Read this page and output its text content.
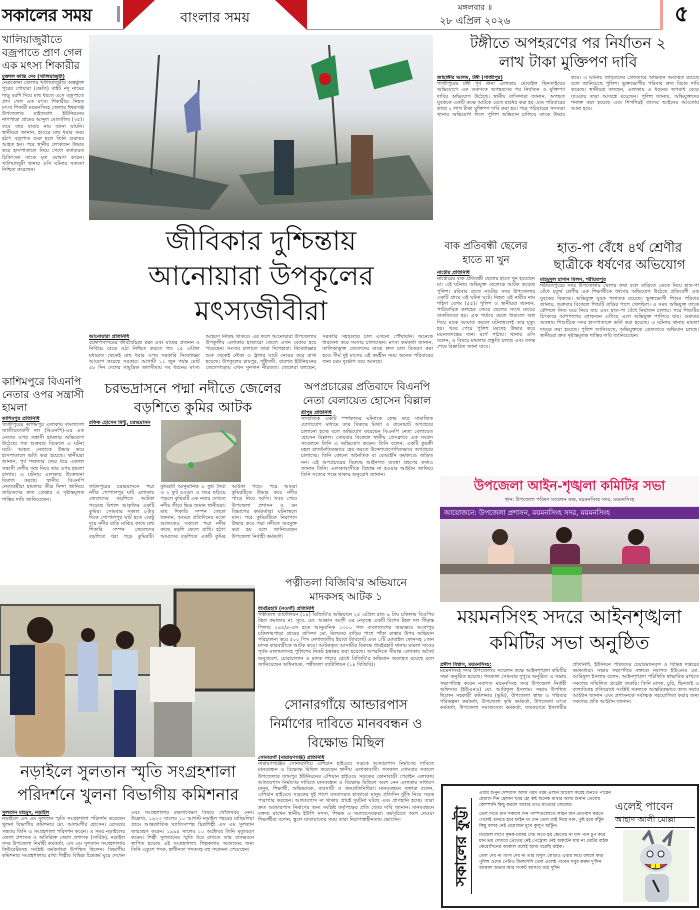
সকালের সময়	বাংলার সময়
মঙ্গলবার ॥
২৮ এপ্রিল ২০২৬	৫
খালিয়াজুরীতে বজ্রপাতে প্রাণ গেল এক মৎস্য শিকারীর
মুক্তাল কান্তি দেব (খালিয়াজুরী)
নেত্রকোনা জেলার খালিয়াজুরীর অন্তর্ভুক্ত পুরের পোয়ারা (ক্ষেতি) বাইট নদু নামের শাড়ু বরশি দিয়ে মাছ ধরতে এসে বজ্রপাতে প্রাণ গেল এক মৎস্য শিকারীর। নিহত মৎস্য শিকারী ময়মনসিংহ জেলার ঈশ্বরগঞ্জ উপজেলার মাইজবাগ ইউনিয়নের নাগপাড়া গ্রামের আব্দুল মোতালিব (৩৫)। তবে তার বাবার নাম জানা যায়নি। স্থানীয়রা জানান, হাওরে মাছ ধরার সময় হঠাৎ বজ্রপাত শুরু হলে তিনি গুরুতর আহত হন। পরে স্থানীয় লোকজন উদ্ধার করে হাসপাতালে নিয়ে গেলে কর্তব্যরত চিকিৎসক তাকে মৃত ঘোষণা করেন। খালিয়াজুরী থানার ওসি ঘটনার সত্যতা নিশ্চিত করেছেন।
টঙ্গীতে অপহরণের পর নির্যাতন ২ লাখ টাকা মুক্তিপণ দাবি
জাহাঙ্গীর আলম, টঙ্গী (গাজীপুর)
গাজীপুরের টঙ্গী পূর্ব থানা এলাকায় মোবাইল ছিনতাইয়ের অভিযোগে এক তরুণকে অপহরণের পর নির্যাতন ও মুক্তিপণ দাবির অভিযোগ উঠেছে। স্থানীয় বাসিন্দারা জানান, অপহৃত যুবককে একটি কক্ষে আটকে রেখে মারধর করা হয় এবং পরিবারের কাছে ২ লাখ টাকা মুক্তিপণ দাবি করা হয়। পরে পরিবারের সদস্যরা থানায় অভিযোগ দিলে পুলিশ অভিযান চালিয়ে তাকে উদ্ধার করে। এ ঘটনায় জড়িতদের গ্রেফতারে অভিযান অব্যাহত রয়েছে বলে জানিয়েছে পুলিশ। ভুক্তভোগীর পরিবার দ্রুত বিচার দাবি করেছে। স্থানীয়রা বলছেন, এলাকায় এ ধরনের অপরাধ বেড়ে যাওয়ায় তারা আতঙ্কে রয়েছেন। পুলিশ জানায়, অভিযুক্তদের শনাক্ত করা হয়েছে এবং শিগগিরই তাদের আইনের আওতায় আনা হবে।
জীবিকার দুশ্চিন্তায় আনোয়ারা উপকূলের মৎস্যজীবীরা
আনোয়ারা প্রতিনিধি
বঙ্গোপসাগরের জীববৈচিত্র্য রক্ষা এবং মাছের প্রজনন ও নির্বিঘ্নে বেড়ে ওঠা নিশ্চিত করতে গত ১৫ এপ্রিল মধ্যরাত থেকেই মাছ ধরার ওপর সরকারি নিষেধাজ্ঞা আরোপ করেছে সরকার। আগামী ১১ জুন পর্যন্ত মোট ৫৮ দিন দেশের সামুদ্রিক জলসীমায় সব ধরনের মৎস্য আহরণ নিষিদ্ধ থাকবে। এর ফলে আনোয়ারা উপজেলার উপকূলীয় এলাকার হাজারো জেলে এখন বেকার হয়ে পড়েছেন। সংসার চালাতে তারা দিশেহারা। নিষেধাজ্ঞার শুরু থেকেই নৌকা ও ট্রলার ঘাটে নোঙর করে রাখা হয়েছে। উপকূলের রায়পুর, জুঁইদন্ডী, বারশত ইউনিয়নের জেলেপাড়ায় এখন সুনসান নীরবতা। জেলেরা বলছেন, সরকারি সহায়তার চাল এখনো পৌঁছায়নি। অনেকে ধারদেনা করে সংসার চালাচ্ছেন। মৎস্য কর্মকর্তা জানান, তালিকাভুক্ত জেলেদের মাঝে দ্রুত চাল বিতরণ করা হবে। দীর্ঘ দুই মাসের এই কর্মহীন সময় অনেক পরিবারের জন্য চরম দুর্ভোগ বয়ে আনছে।
বাক প্রতিবন্ধী ছেলের হাতে মা খুন
নাটোর প্রতিনিধি
নাটোরের বাক প্রতিবন্ধী ছেলের হাতে খুন হয়েছেন মা। এই ঘটনায় অভিযুক্ত ছেলেকে আটক করেছে পুলিশ। রবিবার রাতে নাটোর সদর উপজেলার একটি গ্রামে এই ঘটনা ঘটে। নিহত ওই নারীর নাম শহিদা বেগম (৫৫)। পুলিশ ও স্থানীয়রা জানান, পারিবারিক কলহের জেরে ছেলের সাথে মায়ের বাকবিতণ্ডা হয়। এক পর্যায়ে ছেলে ধারালো অস্ত্র দিয়ে মাকে আঘাত করলে ঘটনাস্থলেই তার মৃত্যু হয়। খবর পেয়ে পুলিশ মরদেহ উদ্ধার করে ময়নাতদন্তের জন্য মর্গে পাঠায়। থানার ওসি বলেন, এ বিষয়ে মামলার প্রস্তুতি চলছে এবং তদন্ত শেষে বিস্তারিত জানা যাবে।
হাত-পা বেঁধে ৪র্থ শ্রেণীর ছাত্রীকে ধর্ষণের অভিযোগ
মাহমুদুল হাসান মিলন, শরীয়তপুর
শরীয়তপুরের সদর উপজেলায় খেলার কথা বলে বাড়িতে ডেকে নিয়ে হাত-পা বেঁধে চতুর্থ শ্রেণীর এক শিক্ষার্থীকে ধর্ষণের অভিযোগ উঠেছে প্রতিবেশী এক যুবকের বিরুদ্ধে। অভিযুক্ত যুবক পলাতক রয়েছে। ভুক্তভোগী শিশুর পরিবার জানায়, শুক্রবার বিকেলে শিশুটি বাড়ির পাশে খেলছিল। এ সময় অভিযুক্ত তাকে কৌশলে নিজ ঘরে নিয়ে যায় এবং হাত-পা বেঁধে নির্যাতন চালায়। পরে শিশুটির চিৎকারে আশপাশের লোকজন এগিয়ে এলে অভিযুক্ত পালিয়ে যায়। গুরুতর অবস্থায় শিশুটিকে সদর হাসপাতালে ভর্তি করা হয়েছে। এ ঘটনায় থানায় মামলা দায়ের করা হয়েছে। পুলিশ জানিয়েছে, অভিযুক্তকে গ্রেফতারে অভিযান চলছে। স্থানীয়রা দ্রুত দৃষ্টান্তমূলক শাস্তির দাবি জানিয়েছেন।
কাশিমপুরে বিএনপি নেতার ওপর সন্ত্রাসী হামলা
কাশিমপুর প্রতিনিধি
গাজীপুরের কাশিমপুর এলাকায় বাংলাদেশ জাতীয়তাবাদী দল (বিএনপি)-এর এক নেতার ওপর সন্ত্রাসী হামলার অভিযোগ উঠেছে। গত শুক্রবার বিকেলে এ ঘটনা ঘটে। আহত নেতাকে উদ্ধার করে হাসপাতালে ভর্তি করা হয়েছে। স্থানীয়রা জানান, পূর্ব শত্রুতার জের ধরে একদল সন্ত্রাসী দেশীয় অস্ত্র নিয়ে তার ওপর হামলা চালায়। এ ঘটনায় এলাকায় উত্তেজনা বিরাজ করছে। স্থানীয় বিএনপি নেতাকর্মীরা হামলার তীব্র নিন্দা জানিয়ে জড়িতদের দ্রুত গ্রেপ্তার ও দৃষ্টান্তমূলক শাস্তির দাবি জানিয়েছেন।
চরভদ্রাসনে পদ্মা নদীতে জেলের বড়শিতে কুমির আটক
রফিক হোসেন মিন্টু, চরভদ্রাসন
ফরিদপুরের চরভদ্রাসনে পদ্মা নদীর গোপালপুর ঘাট এলাকায় জেলেদের বড়শিতে আটকা পড়েছে বিশাল আকৃতির একটি কুমির। সোমবার সকাল ৮টার দিকে গোপালপুর ঘাট হতে একটু দূরে নদীর বাড়ি মাঝির কাছে মাছ শিকারি সম্পন জেলেদের বড়শিতে ধরা পড়ে কুমিরটি। কুমিরটি আনুমানিক ৮ ফুট দৈর্ঘ্য ও ২ ফুট চওড়া। এ খবর ছড়িয়ে পড়লে কুমিরটি এক নজর দেখতে নদীর তীরে ভিড় জমান স্থানীয়রা। মাছ শিকারি সম্পন জেলে জানান, আমরা প্রতিদিনের মতো আজকেও সকালে পদ্মা নদীর কাছে বড়শি ফেলে রাখি। হঠাৎ আমাদের বড়শিতে একটি কুমির আটকা পড়ে। পরে আমরা কুমিরটিকে উদ্ধার করে নদীর পাড়ে নিয়ে আসি। খবর পেয়ে উপজেলা প্রশাসন ও বন বিভাগের কর্মকর্তারা ঘটনাস্থলে যান। পরে কুমিরটিকে নিরাপদে উদ্ধার করে পদ্মা নদীতে অবমুক্ত করা হয় বলে জানিয়েছেন উপজেলা নির্বাহী কর্মকর্তা।
অপপ্রচারের প্রতিবাদে বিএনপি নেতা বেলায়েত হোসেন বিল্লাল
শ্রীপুর প্রতিনিধি
সাম্প্রতিক একটি স্পর্শকাতর ঘটনাকে কেন্দ্র করে সামাজিক যোগাযোগ মাধ্যমে তার বিরুদ্ধে মিথ্যা ও বানোয়াট অপপ্রচার চালানো হচ্ছে বলে অভিযোগ করেছেন বিএনপি নেতা বেলায়েত হোসেন বিল্লাল। সোমবার বিকেলে স্থানীয় প্রেসক্লাবে এক সংবাদ সম্মেলনে তিনি এ অভিযোগ করেন। তিনি বলেন, একটি কুচক্রী মহল রাজনৈতিকভাবে হেয় করতে উদ্দেশ্যপ্রণোদিতভাবে অপপ্রচার চালাচ্ছে। তিনি কোনো অনৈতিক বা বেআইনি কর্মকাণ্ডে জড়িত নন। এই অপপ্রচারের বিরুদ্ধে আইনগত ব্যবস্থা গ্রহণের কথাও জানান তিনি। এলাকাবাসীকে বিভ্রান্ত না হওয়ার আহ্বান জানিয়ে তিনি সত্যের পক্ষে থাকার অনুরোধ জানান।
উপজেলা আইন-শৃঙ্খলা কমিটির সভা
স্থান: উপজেলা পরিষদ সম্মেলন কক্ষ, ময়মনসিংহ সদর, ময়মনসিংহ
আয়োজনে: উপজেলা প্রশাসন, ময়মনসিংহ সদর, ময়মনসিংহ
পত্নীতলা বিজিবি'র অভিযানে মাদকসহ আটক ১
ধামইরহাট (নওগাঁ) প্রতিনিধি
পত্নীতলা ব্যাটালিয়ন (১৪) বিজিবি'র অভিযানে ২৫ এপ্রিল রাত ৯ টায় চকিলাম বিওপির টহল কমান্ডার না. সুবে. মো. আক্কাস আলী এর নেতৃত্বে একটি বিশেষ টহল দল সীমান্ত পিলার ২৪৫/৪-এস হতে আনুমানিক ১৩০০ গজ বাংলাদেশের অভ্যন্তরে আগ্রাপুর চকিলামপাড়া গ্রামের বাসিন্দা মো. মিলনের বাড়ির পাশে পাঁকা রাস্তার উপর অভিযান পরিচালনা করে ৫০০ পিস নেশাজাতীয় ইয়াবা ট্যাবলেট এবং ১টি মোবাইল ফোনসহ ১জন মাদক কারবারীকে আটক করে। আটককৃত আসামীর বিরুদ্ধে ধামইরহাট থানায় মামলা দায়ের পূর্বক মালামালসহ পুলিশের নিকট হস্তান্তর করা হয়েছে। অপরদিকে সীমান্ত এলাকায় অবৈধ অনুপ্রবেশ, চোরাচালান ও মাদক পাচার রোধে বিজিবি'র অভিযান অব্যাহত রয়েছে বলে জানিয়েছেন অধিনায়ক, পত্নীতলা ব্যাটালিয়ন (১৪ বিজিবি)।
ময়মনসিংহ সদরে আইনশৃঙ্খলা কমিটির সভা অনুষ্ঠিত
প্রদীপ বিশ্বাস, ময়মনসিংহ:
ময়মনসিংহ সদর উপজেলায় সম্মেলন কক্ষে আইনশৃঙ্খলা কমিটির সভা অনুষ্ঠিত হয়েছে। গতকাল সোমবার দুপুরে অনুষ্ঠিত এ সভায় সভাপতিত্ব করেন নবাগত ময়মনসিংহ সদর উপজেলা নির্বাহী অফিসার (ইউএনও) মো. আরিফুল ইসলাম। সভায় উপস্থিত ছিলেন সহকারী কমিশনার (ভূমি), উপজেলা স্বাস্থ্য ও পরিবার পরিকল্পনা কর্মকর্তা, উপজেলা কৃষি কর্মকর্তা, উপজেলা মৎস্য কর্মকর্তা, উপজেলা সমাজসেবা কর্মকর্তা, জামায়াতে ইসলামীর প্রতিনিধি, ইউনিয়ন পরিষদের চেয়ারম্যানবৃন্দ ও বিভিন্ন দপ্তরের কর্মকর্তারা। সভায় সভাপতির বক্তব্যে নবাগত ইউএনও মো. আরিফুল ইসলাম বলেন, আইনশৃঙ্খলা পরিস্থিতি স্বাভাবিক রাখতে সকলের সম্মিলিত প্রচেষ্টা জরুরি। তিনি মাদক, চুরি, ছিনতাই ও বাল্যবিবাহ প্রতিরোধে সংশ্লিষ্ট সকলকে আন্তরিকভাবে কাজ করার আহ্বান জানান এবং প্রশাসনকে সর্বাত্মক সহযোগিতা করার জন্য সকলের প্রতি আহ্বান জানান।
সোনারগাঁয়ে আন্ডারপাস নির্মাণের দাবিতে মানববন্ধন ও বিক্ষোভ মিছিল
সোনারগাঁ (নারায়ণগঞ্জ) প্রতিনিধি
নারায়ণগঞ্জের সোনারগাঁয়ে এশিয়ান হাইওয়ে সড়কে আন্ডারপাস নির্মাণের দাবিতে মানববন্ধন ও বিক্ষোভ মিছিল করেছেন স্থানীয় এলাকাবাসী। গতকাল সোমবার সকালে উপজেলার জামপুর ইউনিয়নের এশিয়ান হাইওয়ে সড়কের কোনাবাড়ী পেরাইন এলাকায় আন্ডারপাস নির্মাণের দাবিতে মানববন্ধন ও বিক্ষোভ মিছিলে অংশ নেন এলাকার সাধারণ মানুষ, শিক্ষার্থী, অভিভাবক, ব্যবসায়ী ও জনপ্রতিনিধিরা। মানববন্ধনে বক্তারা বলেন, এশিয়ান হাইওয়ে সড়কের দুই পাশে বসবাসরত হাজারো মানুষ প্রতিদিন ঝুঁকি নিয়ে সড়ক পারাপার করছেন। আন্ডারপাস না থাকায় প্রায়ই দুর্ঘটনা ঘটছে এবং প্রাণহানি হচ্ছে। তারা দ্রুত আন্ডারপাস নির্মাণের জন্য সংশ্লিষ্ট কর্তৃপক্ষের প্রতি জোর দাবি জানান। মানববন্ধনে বক্তব্য রাখেন স্থানীয় ইউপি সদস্য, শিক্ষক ও সমাজসেবকরা। কর্মসূচিতে অংশ নেওয়া শিক্ষার্থীরা বলেন, স্কুলে যাতায়াতের সময় তারা নিরাপত্তাহীনতায় ভোগেন।
নড়াইলে সুলতান স্মৃতি সংগ্রহশালা পরিদর্শনে খুলনা বিভাগীয় কমিশনার
সুলতান মাহমুদ, নড়াইল
নড়াইলে এস এম সুলতান স্মৃতি সংগ্রহশালা পরিদর্শন করেছেন খুলনা বিভাগীয় কমিশনার মো. আলমগীর হোসেন। রোববার সন্ধ্যায় তিনি এ সংগ্রহশালা পরিদর্শন করেন। এ সময় নড়াইলের জেলা প্রশাসক ও অতিরিক্ত জেলা প্রশাসক (সার্বিক), নড়াইল সদর উপজেলা নির্বাহী কর্মকর্তা, এস এম সুলতান সংগ্রহশালার কিউরেটরসহ সংশ্লিষ্ট কর্মকর্তারা উপস্থিত ছিলেন। বিভাগীয় কমিশনার সংগ্রহশালায় রাখা শিল্পীর বিভিন্ন চিত্রকর্ম ঘুরে দেখেন এবং সংগ্রহশালার রক্ষণাবেক্ষণ বিষয়ে খোঁজখবর নেন। উল্লেখ্য, ১৯২৩ সালের ১০ আগস্ট নড়াইল শহরের মাছিমদিয়া গ্রামে আন্তর্জাতিক খ্যাতিসম্পন্ন চিত্রশিল্পী এস এম সুলতান জন্মগ্রহণ করেন। ১৯৯৪ সালের ১০ অক্টোবর তিনি মৃত্যুবরণ করেন। শিল্পী সুলতানের স্মৃতি ধরে রাখতে তার বাসভবনে স্থাপিত হয়েছে এই সংগ্রহশালা। শিল্পকলায় অবদানের জন্য তিনি একুশে পদক, স্বাধীনতা পদকসহ বহু সম্মাননা পেয়েছেন।	সকালের ফুট্টা

এবার শুনুন দেশবাসী আজ গরম গরম এলান আয়েশ করেই শুনতে পারেন মেয়াদে দিন হেলান খবর হো কষ্ট অনেক মাথার আজ শুনান তেলের কোম্পানি কিছু করলে আবার তাও যাওয়ার জেলের।

তেল দিতে চান সকালে দিন পাম্পগুলোতে লাইন বান প্রতিবাদ করতে গেলেই গুনতে হবে ফাইন যা দেন তেল তাই নিয়ে যান, তুষ্ট হয়ে বাঁটুন কিছু বলার নেই প্রয়োজন মুখে কুলুপ আঁটুন।

ডিজেল লাগে কৃষক-চাষির সেচ দিতে হয় ক্ষেতের না যদি পান ঢুপ করে যান ভয় দেখাবে প্রেতের নেই পেট্রোল নেই অকটেন যায় না মোটর বাইক কেরোসিনের আকাল বলেই আজ ধরেছি মাইক।

তেল দেব না গ্যাস দেব না তার বিদ্যুৎ লোডও এবার দিয়ে বললে কথা পুলিশ ওদের পেটাও ডিলশেসি তেল এলেই পাবেন সবুর করুন দু'দিন আকাল অভাব আর সংকট আসবে বয়ে দুর্দিন

এলেই পাবেন
আহাদ আলী মোল্লা
